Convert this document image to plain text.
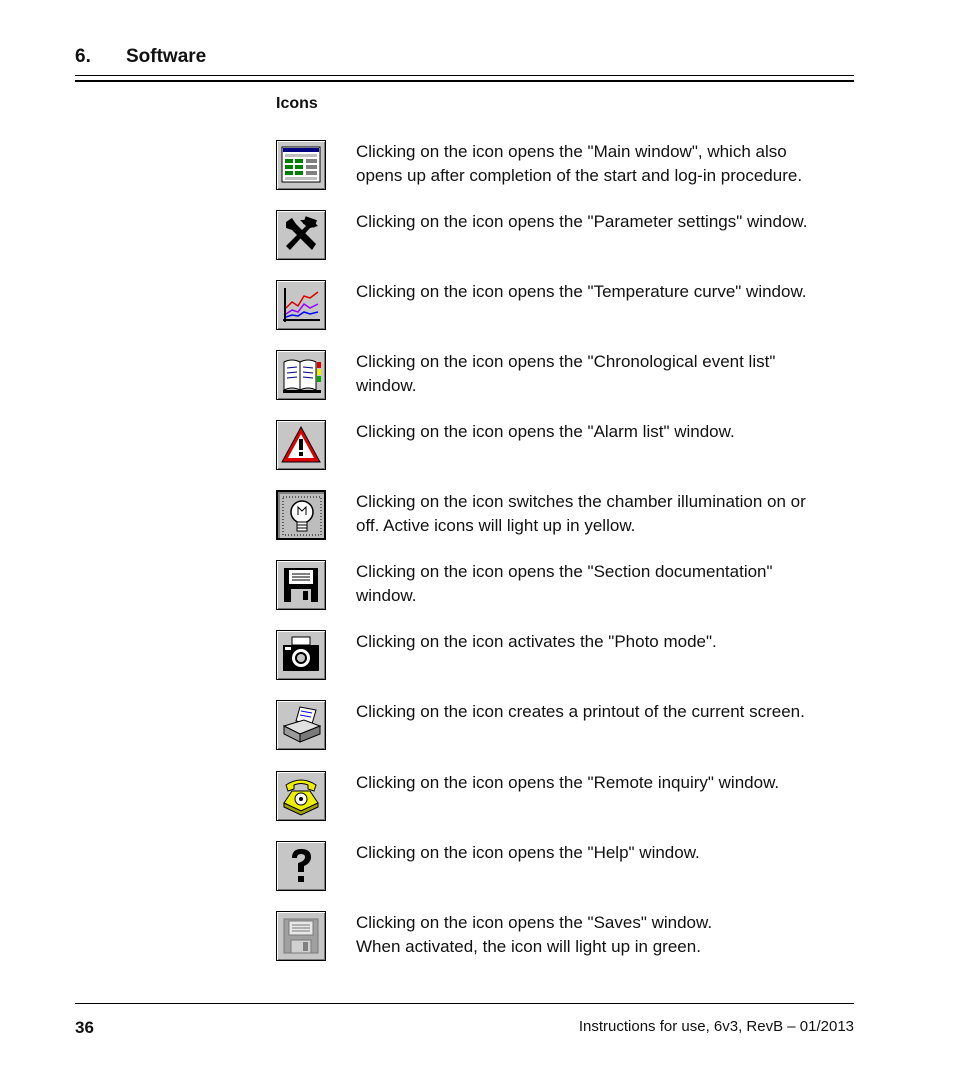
6. Software
Icons
Clicking on the icon opens the "Main window", which also
opens up after completion of the start and log-in procedure.
Clicking on the icon opens the "Parameter settings" window.
Clicking on the icon opens the "Temperature curve" window.
Clicking on the icon opens the "Chronological event list"
window.
Clicking on the icon opens the "Alarm list" window.
Clicking on the icon switches the chamber illumination on or
off. Active icons will light up in yellow.
Clicking on the icon opens the "Section documentation"
window.
Clicking on the icon activates the "Photo mode".
Clicking on the icon creates a printout of the current screen.
Clicking on the icon opens the "Remote inquiry" window.
Clicking on the icon opens the "Help" window.
Clicking on the icon opens the "Saves" window.
When activated, the icon will light up in green.
36	Instructions for use, 6v3, RevB – 01/2013
